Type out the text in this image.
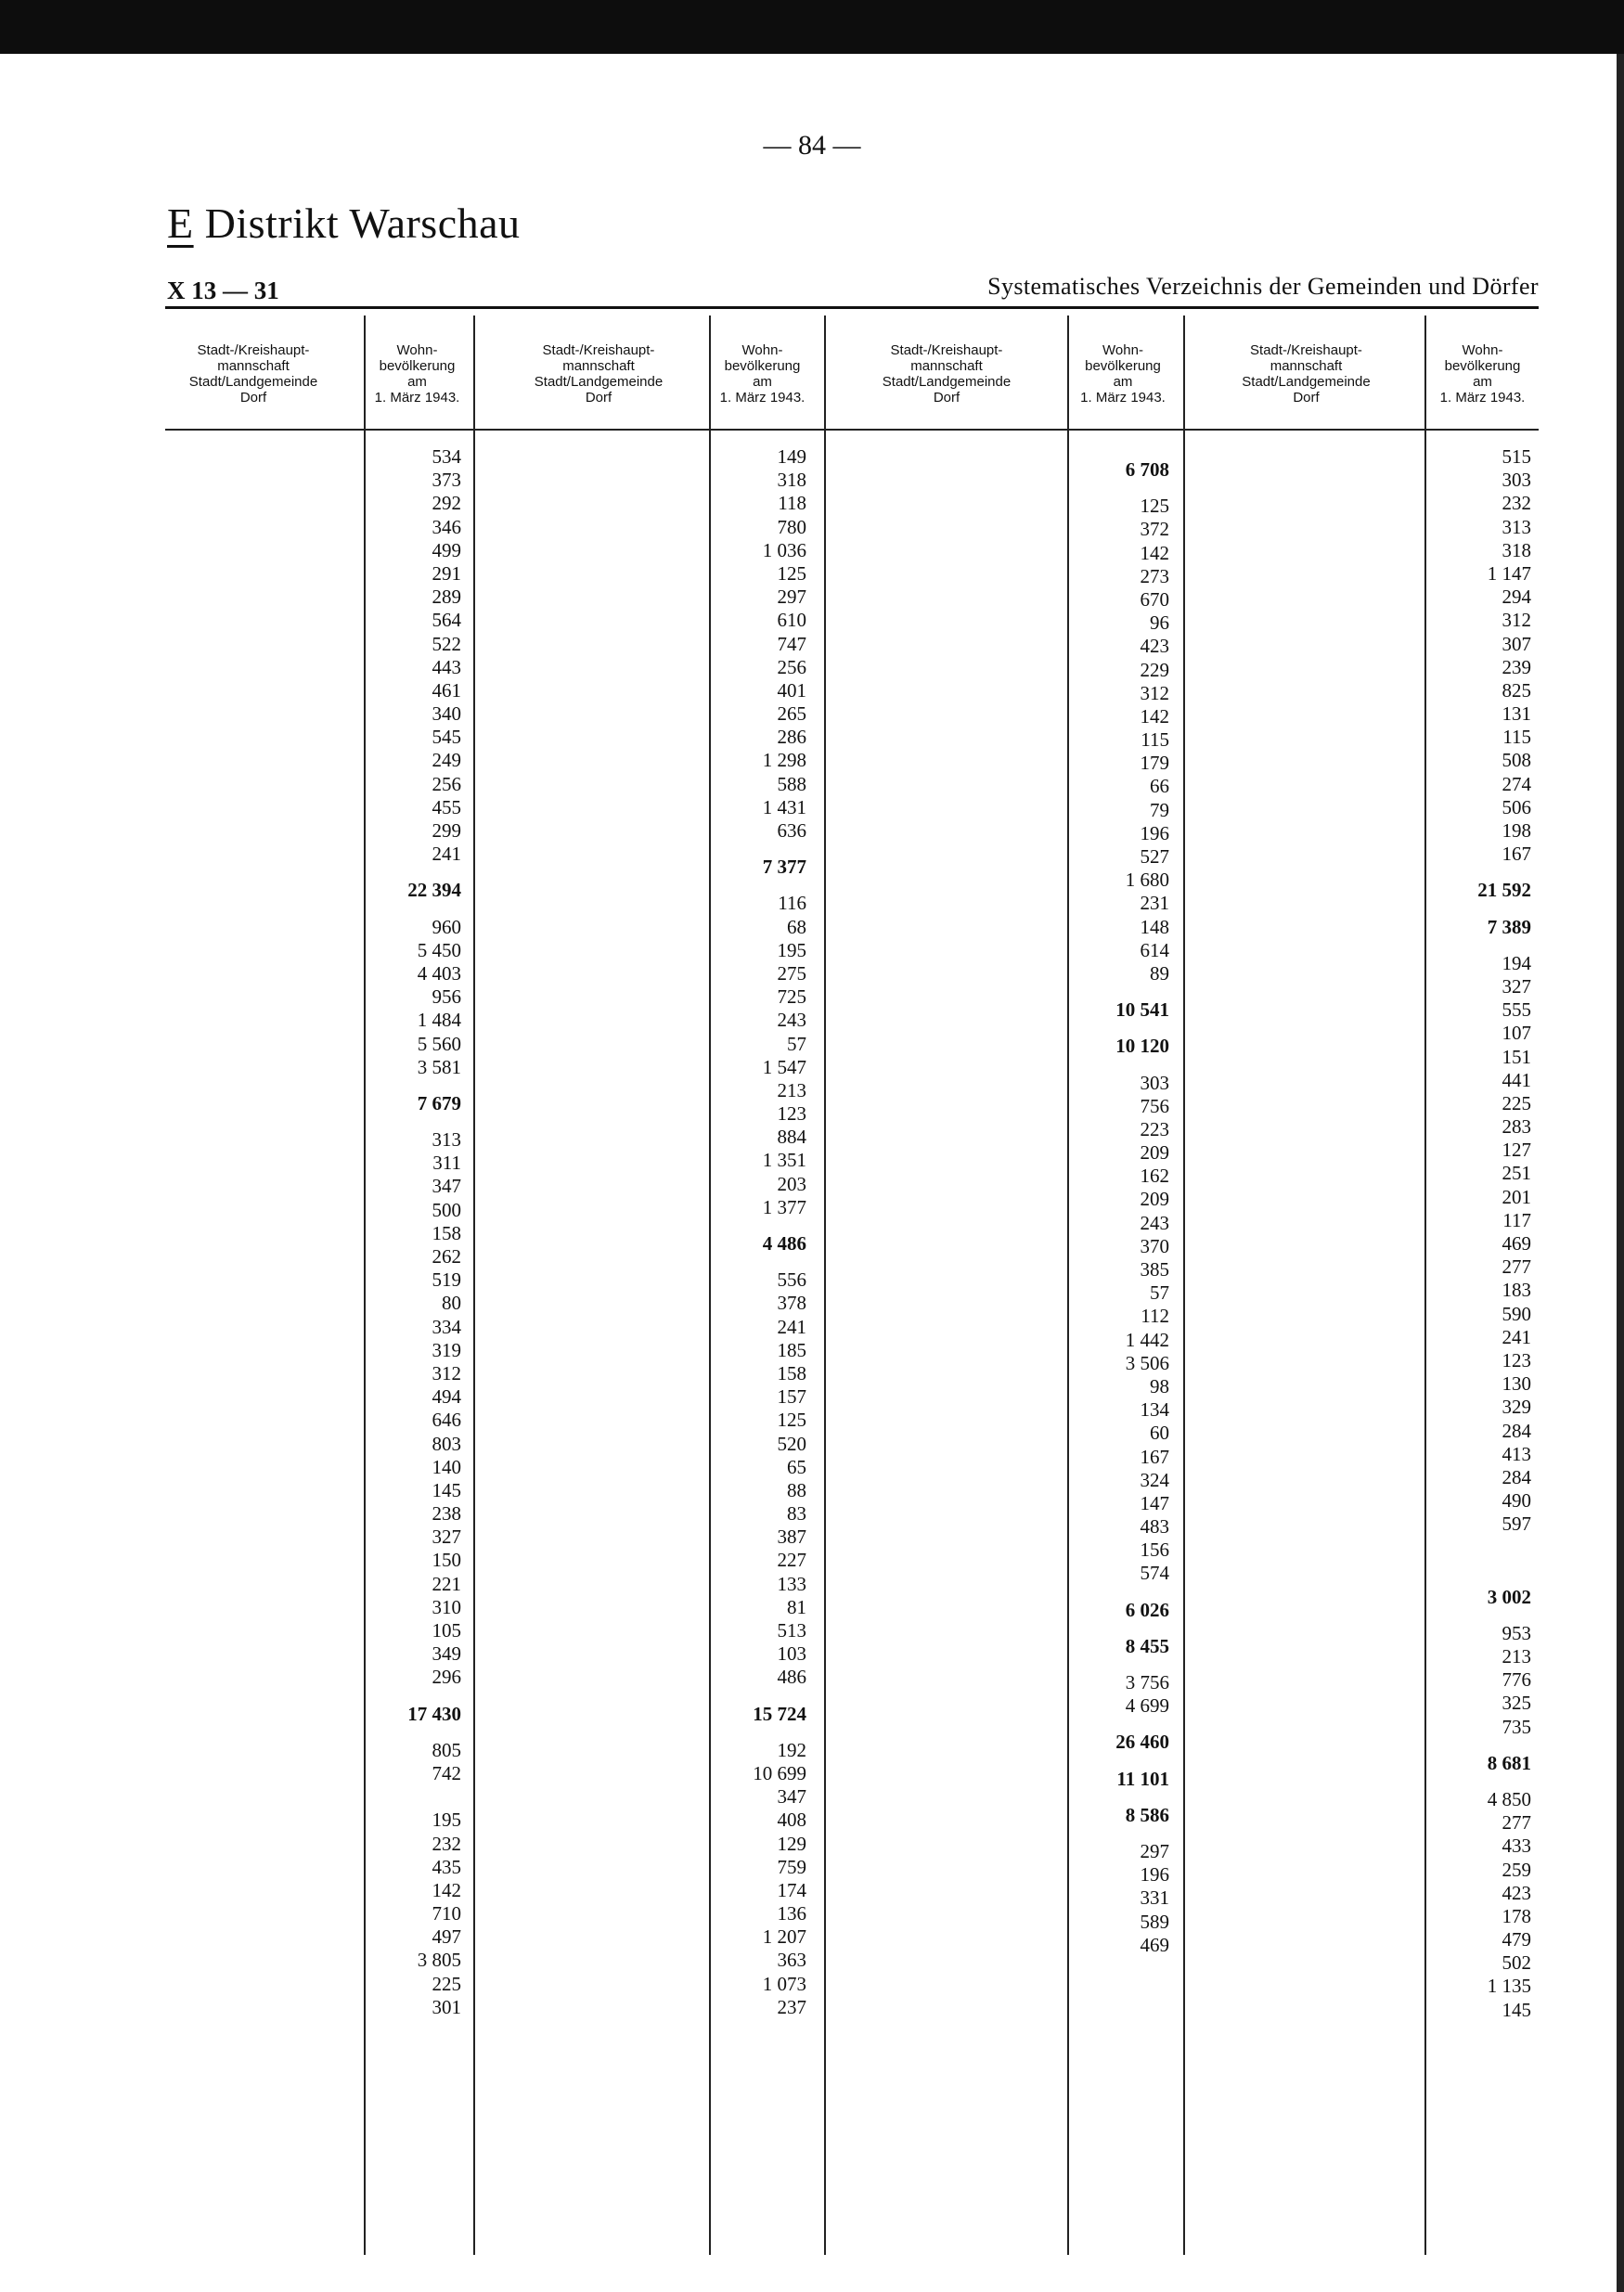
— 84 —
E Distrikt Warschau
X 13 — 31	Systematisches Verzeichnis der Gemeinden und Dörfer
Stadt-/Kreishaupt-
mannschaft
Stadt/Landgemeinde
Dorf
Wohn-
bevölkerung
am
1. März 1943.
Stadt-/Kreishaupt-
mannschaft
Stadt/Landgemeinde
Dorf
Wohn-
bevölkerung
am
1. März 1943.
Stadt-/Kreishaupt-
mannschaft
Stadt/Landgemeinde
Dorf
Wohn-
bevölkerung
am
1. März 1943.
Stadt-/Kreishaupt-
mannschaft
Stadt/Landgemeinde
Dorf
Wohn-
bevölkerung
am
1. März 1943.
534
373
292
346
499
291
289
564
522
443
461
340
545
249
256
455
299
241
22 394
960
5 450
4 403
956
1 484
5 560
3 581
7 679
313
311
347
500
158
262
519
80
334
319
312
494
646
803
140
145
238
327
150
221
310
105
349
296
17 430
805
742
195
232
435
142
710
497
3 805
225
301
149
318
118
780
1 036
125
297
610
747
256
401
265
286
1 298
588
1 431
636
7 377
116
68
195
275
725
243
57
1 547
213
123
884
1 351
203
1 377
4 486
556
378
241
185
158
157
125
520
65
88
83
387
227
133
81
513
103
486
15 724
192
10 699
347
408
129
759
174
136
1 207
363
1 073
237
6 708
125
372
142
273
670
96
423
229
312
142
115
179
66
79
196
527
1 680
231
148
614
89
10 541
10 120
303
756
223
209
162
209
243
370
385
57
112
1 442
3 506
98
134
60
167
324
147
483
156
574
6 026
8 455
3 756
4 699
26 460
11 101
8 586
297
196
331
589
469
515
303
232
313
318
1 147
294
312
307
239
825
131
115
508
274
506
198
167
21 592
7 389
194
327
555
107
151
441
225
283
127
251
201
117
469
277
183
590
241
123
130
329
284
413
284
490
597
3 002
953
213
776
325
735
8 681
4 850
277
433
259
423
178
479
502
1 135
145
